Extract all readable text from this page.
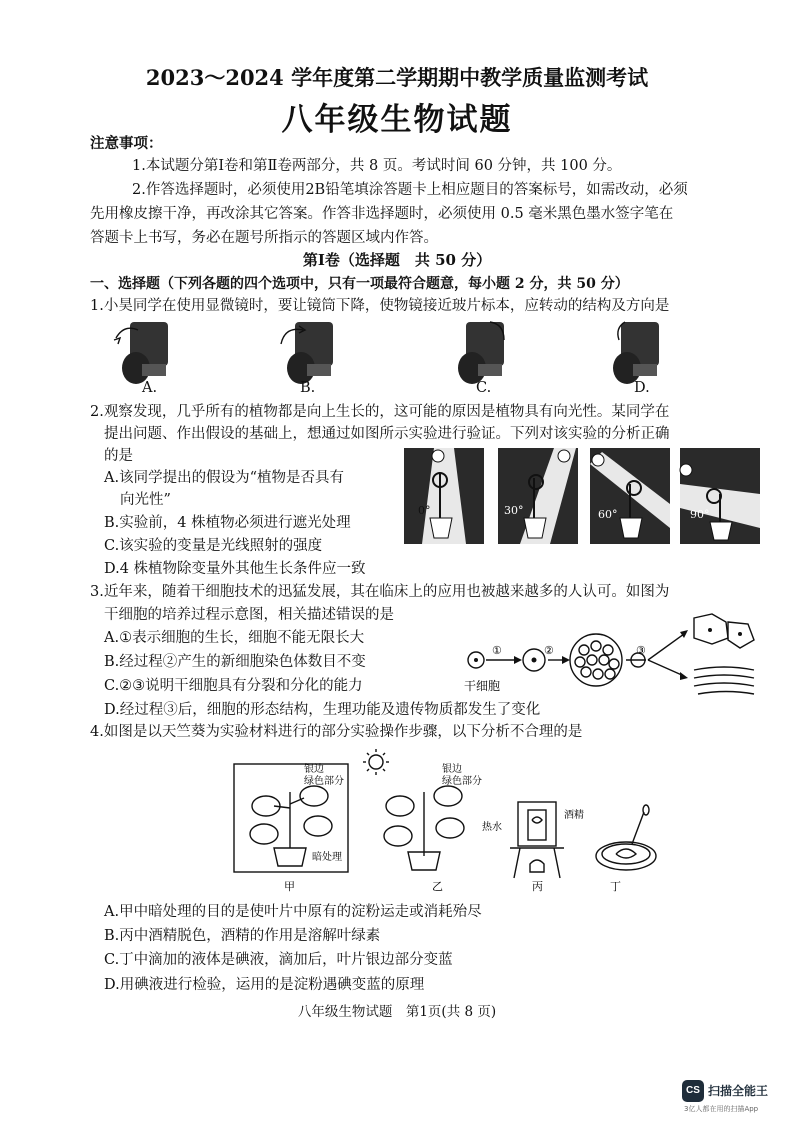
2023～2024 学年度第二学期期中教学质量监测考试
八年级生物试题
注意事项：
1.本试题分第Ⅰ卷和第Ⅱ卷两部分，共 8 页。考试时间 60 分钟，共 100 分。
2.作答选择题时，必须使用2B铅笔填涂答题卡上相应题目的答案标号，如需改动，必须
先用橡皮擦干净，再改涂其它答案。作答非选择题时，必须使用 0.5 毫米黑色墨水签字笔在
答题卡上书写，务必在题号所指示的答题区域内作答。
第Ⅰ卷（选择题　共 50 分）
一、选择题（下列各题的四个选项中，只有一项最符合题意，每小题 2 分，共 50 分）
1.小昊同学在使用显微镜时，要让镜筒下降，使物镜接近玻片标本，应转动的结构及方向是
A.	B.	C.	D.
2.观察发现，几乎所有的植物都是向上生长的，这可能的原因是植物具有向光性。某同学在
提出问题、作出假设的基础上，想通过如图所示实验进行验证。下列对该实验的分析正确
的是
A.该同学提出的假设为“植物是否具有
向光性”
B.实验前，4 株植物必须进行遮光处理
C.该实验的变量是光线照射的强度
D.4 株植物除变量外其他生长条件应一致
0°	30°	60°	90°
3.近年来，随着干细胞技术的迅猛发展，其在临床上的应用也被越来越多的人认可。如图为
干细胞的培养过程示意图，相关描述错误的是
A.①表示细胞的生长，细胞不能无限长大
B.经过程②产生的新细胞染色体数目不变
C.②③说明干细胞具有分裂和分化的能力
D.经过程③后，细胞的形态结构，生理功能及遗传物质都发生了变化
①	②	③
干细胞
4.如图是以天竺葵为实验材料进行的部分实验操作步骤，以下分析不合理的是
银边
绿色部分
暗处理
银边
绿色部分
热水
酒精
甲	乙	丙	丁
A.甲中暗处理的目的是使叶片中原有的淀粉运走或消耗殆尽
B.丙中酒精脱色，酒精的作用是溶解叶绿素
C.丁中滴加的液体是碘液，滴加后，叶片银边部分变蓝
D.用碘液进行检验，运用的是淀粉遇碘变蓝的原理
八年级生物试题　第1页(共 8 页)
CS 扫描全能王
3亿人都在用的扫描App
